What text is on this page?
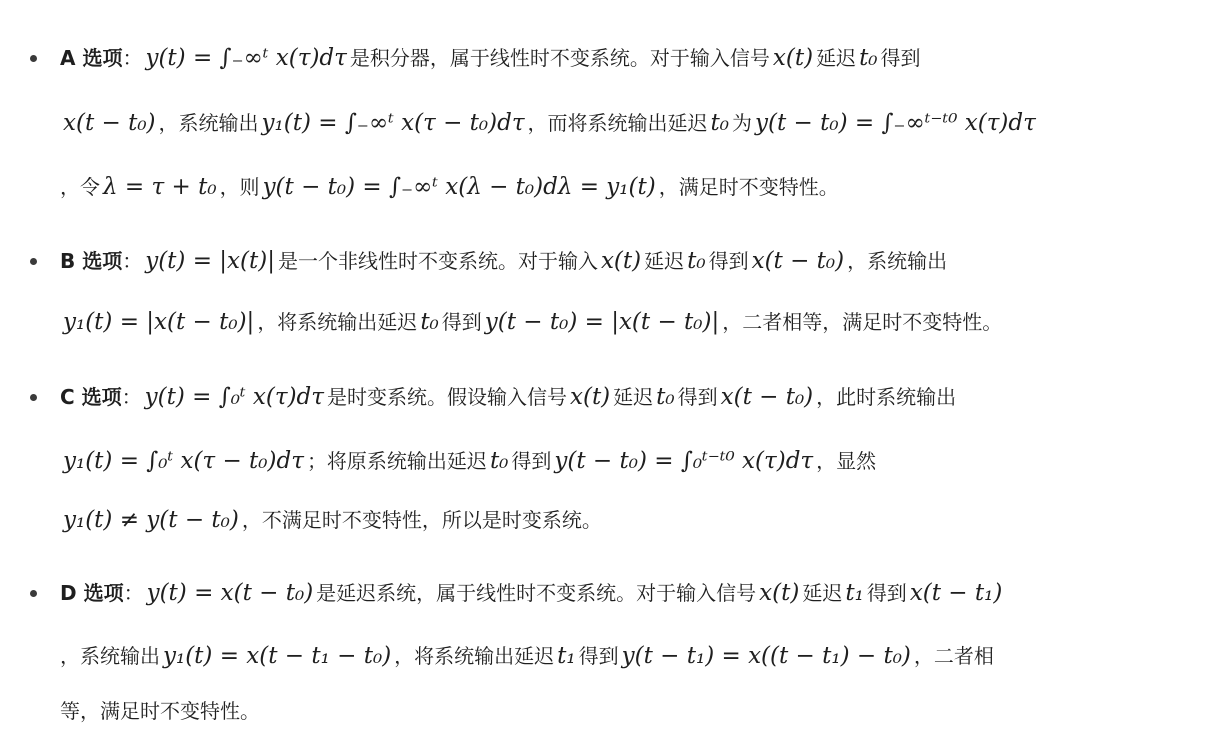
A 选项 ： y(t) = ∫₋∞ᵗ x(τ)dτ 是积分器，属于线性时不变系统。对于输入信号 x(t) 延迟 t₀ 得到
x(t − t₀) ，系统输出 y₁(t) = ∫₋∞ᵗ x(τ − t₀)dτ ，而将系统输出延迟 t₀ 为 y(t − t₀) = ∫₋∞ᵗ⁻ᵗ⁰ x(τ)dτ
，令 λ = τ + t₀ ，则 y(t − t₀) = ∫₋∞ᵗ x(λ − t₀)dλ = y₁(t) ，满足时不变特性。
B 选项 ： y(t) = |x(t)| 是一个非线性时不变系统。对于输入 x(t) 延迟 t₀ 得到 x(t − t₀) ，系统输出
y₁(t) = |x(t − t₀)| ，将系统输出延迟 t₀ 得到 y(t − t₀) = |x(t − t₀)| ，二者相等，满足时不变特性。
C 选项 ： y(t) = ∫₀ᵗ x(τ)dτ 是时变系统。假设输入信号 x(t) 延迟 t₀ 得到 x(t − t₀) ，此时系统输出
y₁(t) = ∫₀ᵗ x(τ − t₀)dτ ；将原系统输出延迟 t₀ 得到 y(t − t₀) = ∫₀ᵗ⁻ᵗ⁰ x(τ)dτ ，显然
y₁(t) ≠ y(t − t₀) ，不满足时不变特性，所以是时变系统。
D 选项 ： y(t) = x(t − t₀) 是延迟系统，属于线性时不变系统。对于输入信号 x(t) 延迟 t₁ 得到 x(t − t₁)
，系统输出 y₁(t) = x(t − t₁ − t₀) ，将系统输出延迟 t₁ 得到 y(t − t₁) = x((t − t₁) − t₀) ，二者相
等，满足时不变特性。
